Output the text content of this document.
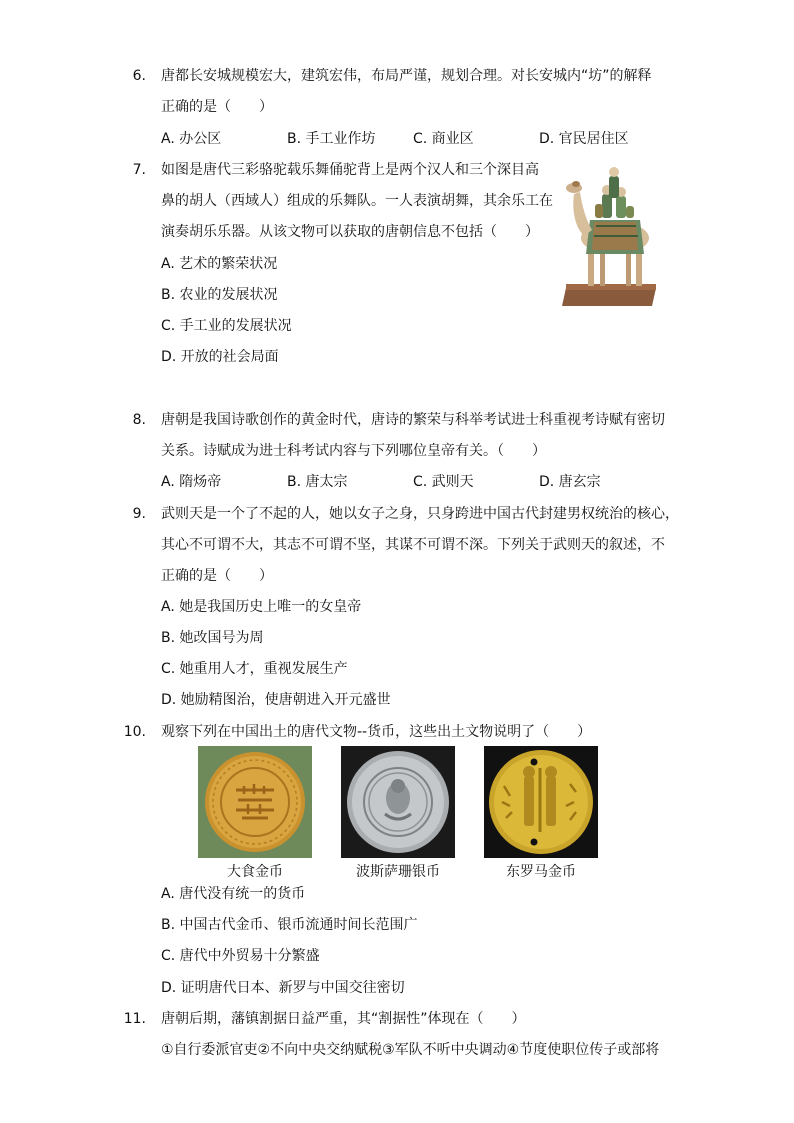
6. 唐都长安城规模宏大，建筑宏伟，布局严谨，规划合理。对长安城内“坊”的解释
正确的是（　　）
A. 办公区	B. 手工业作坊	C. 商业区	D. 官民居住区
7. 如图是唐代三彩骆驼载乐舞俑驼背上是两个汉人和三个深目高
鼻的胡人（西域人）组成的乐舞队。一人表演胡舞，其余乐工在
演奏胡乐乐器。从该文物可以获取的唐朝信息不包括（　　）
A. 艺术的繁荣状况
B. 农业的发展状况
C. 手工业的发展状况
D. 开放的社会局面
8. 唐朝是我国诗歌创作的黄金时代，唐诗的繁荣与科举考试进士科重视考诗赋有密切
关系。诗赋成为进士科考试内容与下列哪位皇帝有关。（　　）
A. 隋炀帝	B. 唐太宗	C. 武则天	D. 唐玄宗
9. 武则天是一个了不起的人，她以女子之身，只身跨进中国古代封建男权统治的核心，
其心不可谓不大，其志不可谓不坚，其谋不可谓不深。下列关于武则天的叙述，不
正确的是（　　）
A. 她是我国历史上唯一的女皇帝
B. 她改国号为周
C. 她重用人才，重视发展生产
D. 她励精图治，使唐朝进入开元盛世
10. 观察下列在中国出土的唐代文物--货币，这些出土文物说明了（　　）
大食金币	波斯萨珊银币	东罗马金币
A. 唐代没有统一的货币
B. 中国古代金币、银币流通时间长范围广
C. 唐代中外贸易十分繁盛
D. 证明唐代日本、新罗与中国交往密切
11. 唐朝后期，藩镇割据日益严重，其“割据性”体现在（　　）
①自行委派官吏②不向中央交纳赋税③军队不听中央调动④节度使职位传子或部将
